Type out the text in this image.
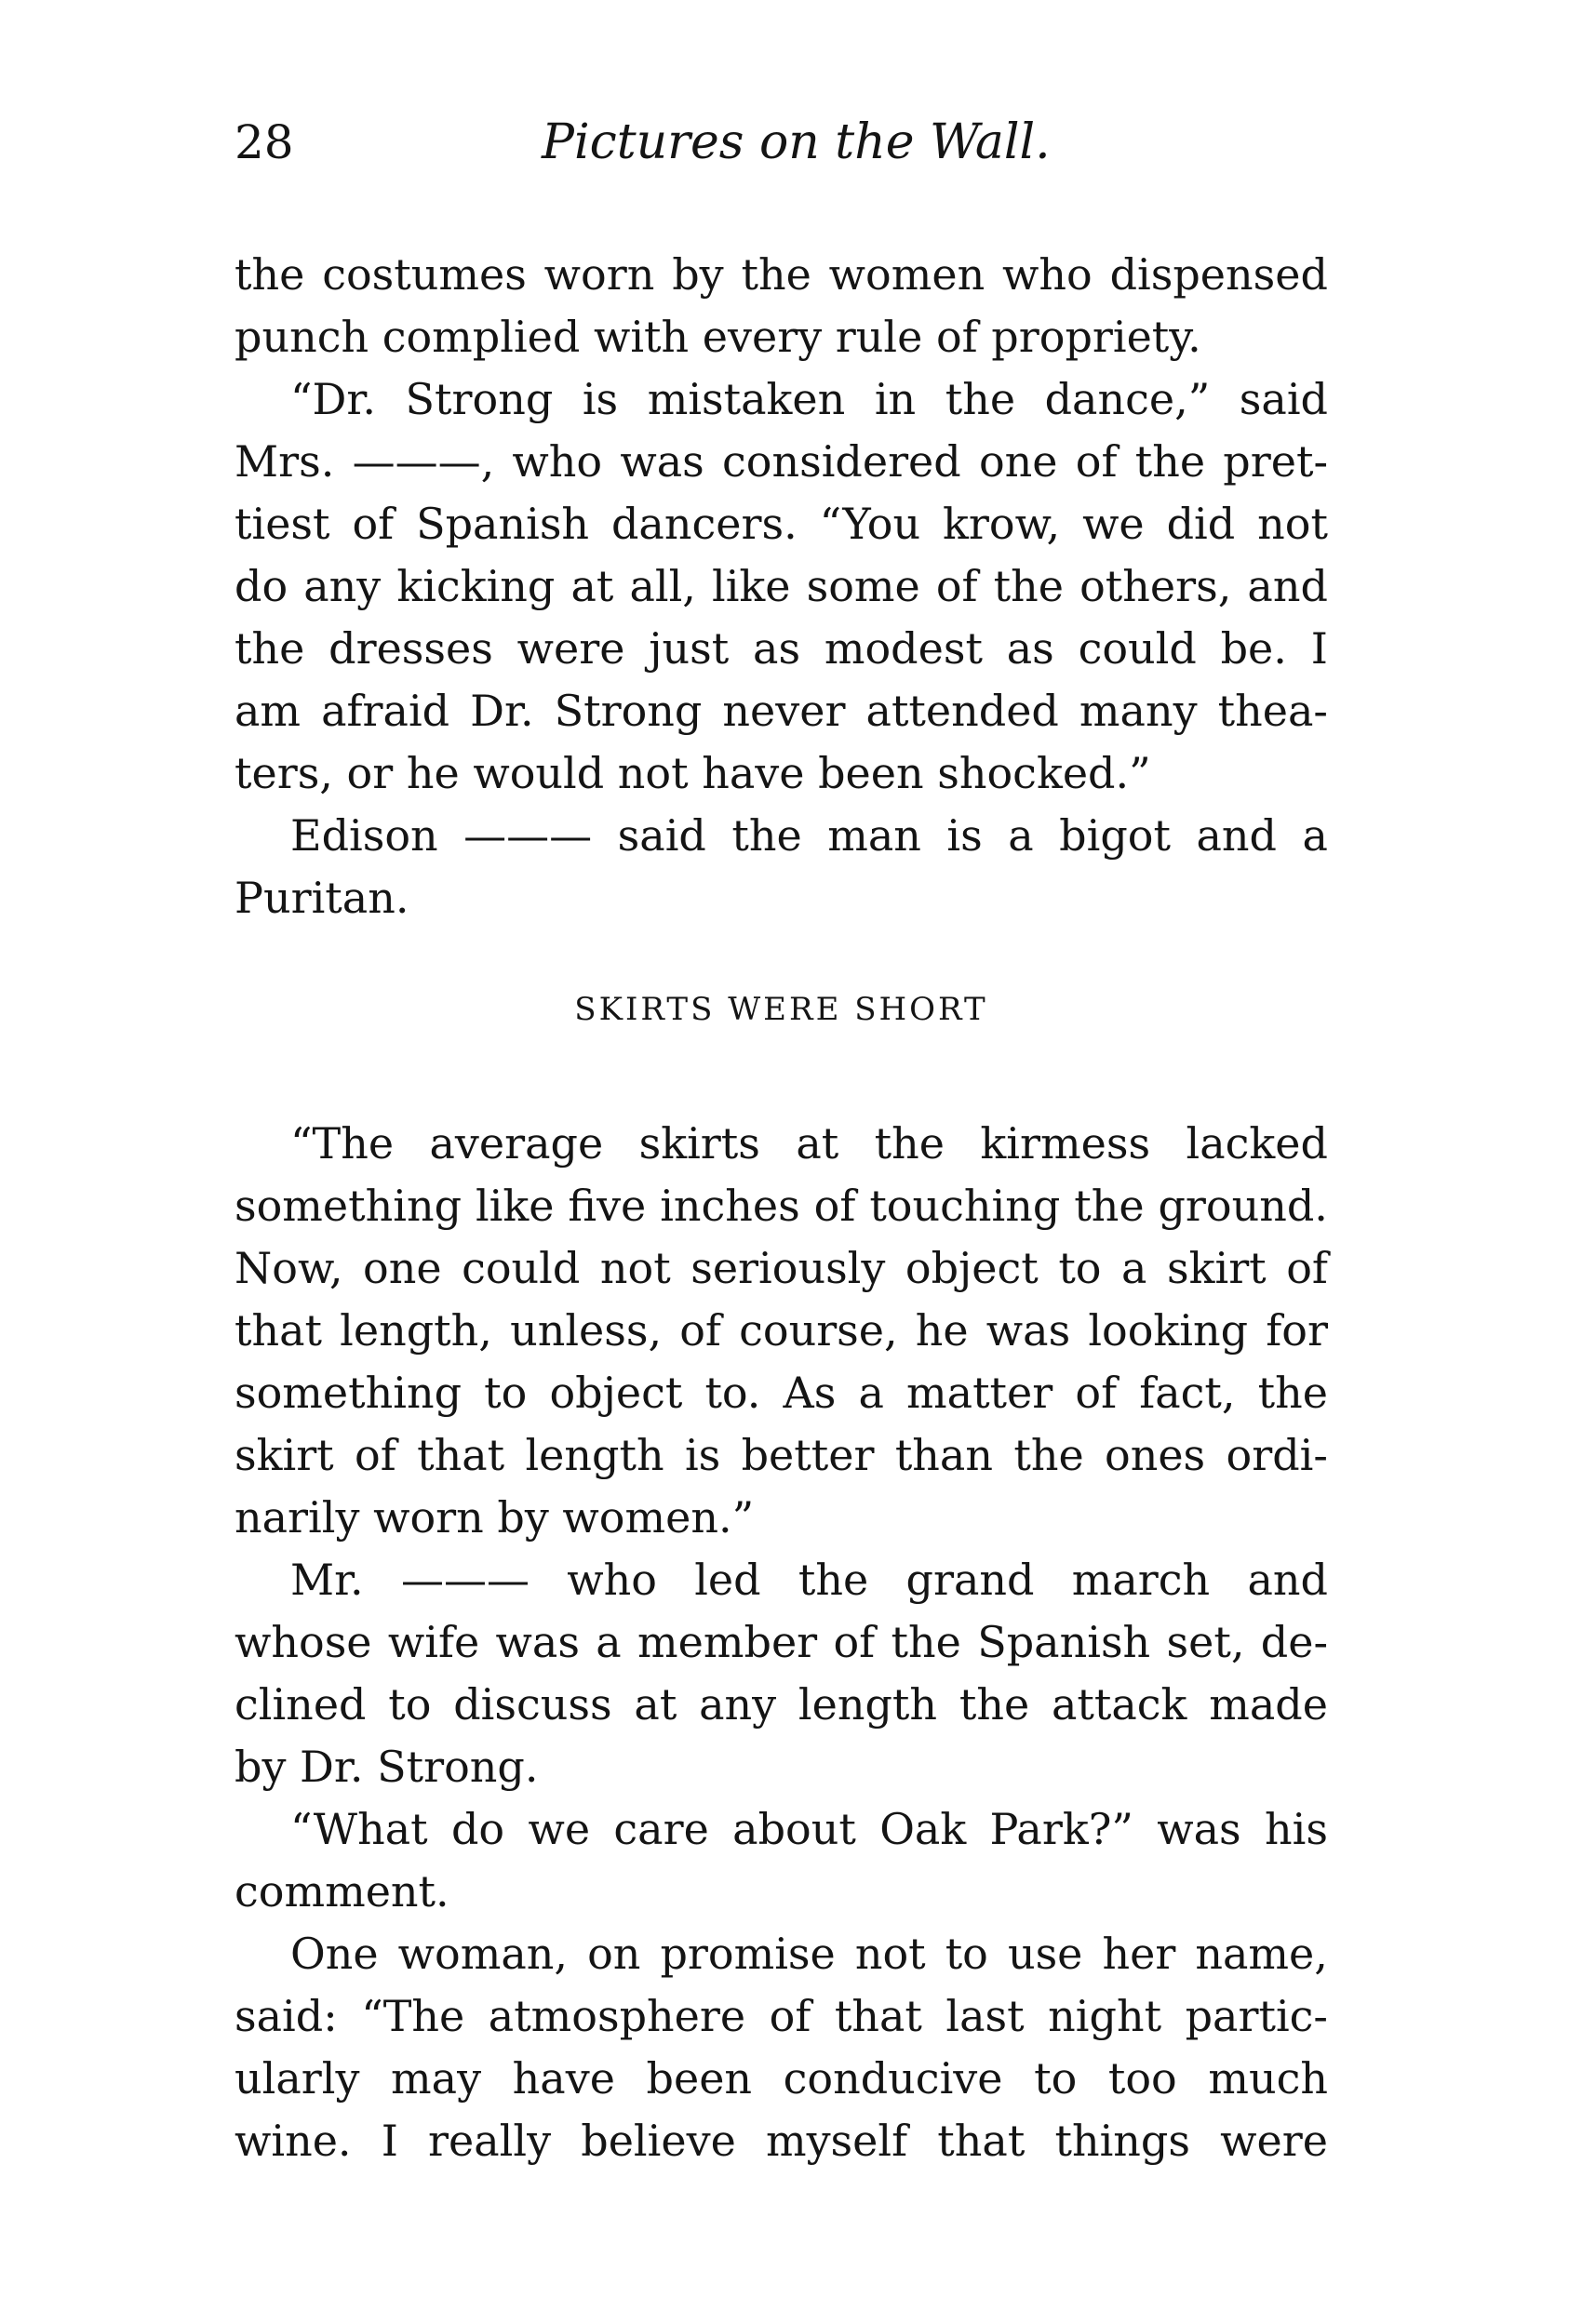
28	Pictures on the Wall.
the costumes worn by the women who dispensed
punch complied with every rule of propriety.
“Dr. Strong is mistaken in the dance,” said
Mrs. ———, who was considered one of the pret-
tiest of Spanish dancers. “You krow, we did not
do any kicking at all, like some of the others, and
the dresses were just as modest as could be. I
am afraid Dr. Strong never attended many thea-
ters, or he would not have been shocked.”
Edison ——— said the man is a bigot and a
Puritan.
SKIRTS WERE SHORT
“The average skirts at the kirmess lacked
something like five inches of touching the ground.
Now, one could not seriously object to a skirt of
that length, unless, of course, he was looking for
something to object to. As a matter of fact, the
skirt of that length is better than the ones ordi-
narily worn by women.”
Mr. ——— who led the grand march and
whose wife was a member of the Spanish set, de-
clined to discuss at any length the attack made
by Dr. Strong.
“What do we care about Oak Park?” was his
comment.
One woman, on promise not to use her name,
said: “The atmosphere of that last night partic-
ularly may have been conducive to too much
wine. I really believe myself that things were
